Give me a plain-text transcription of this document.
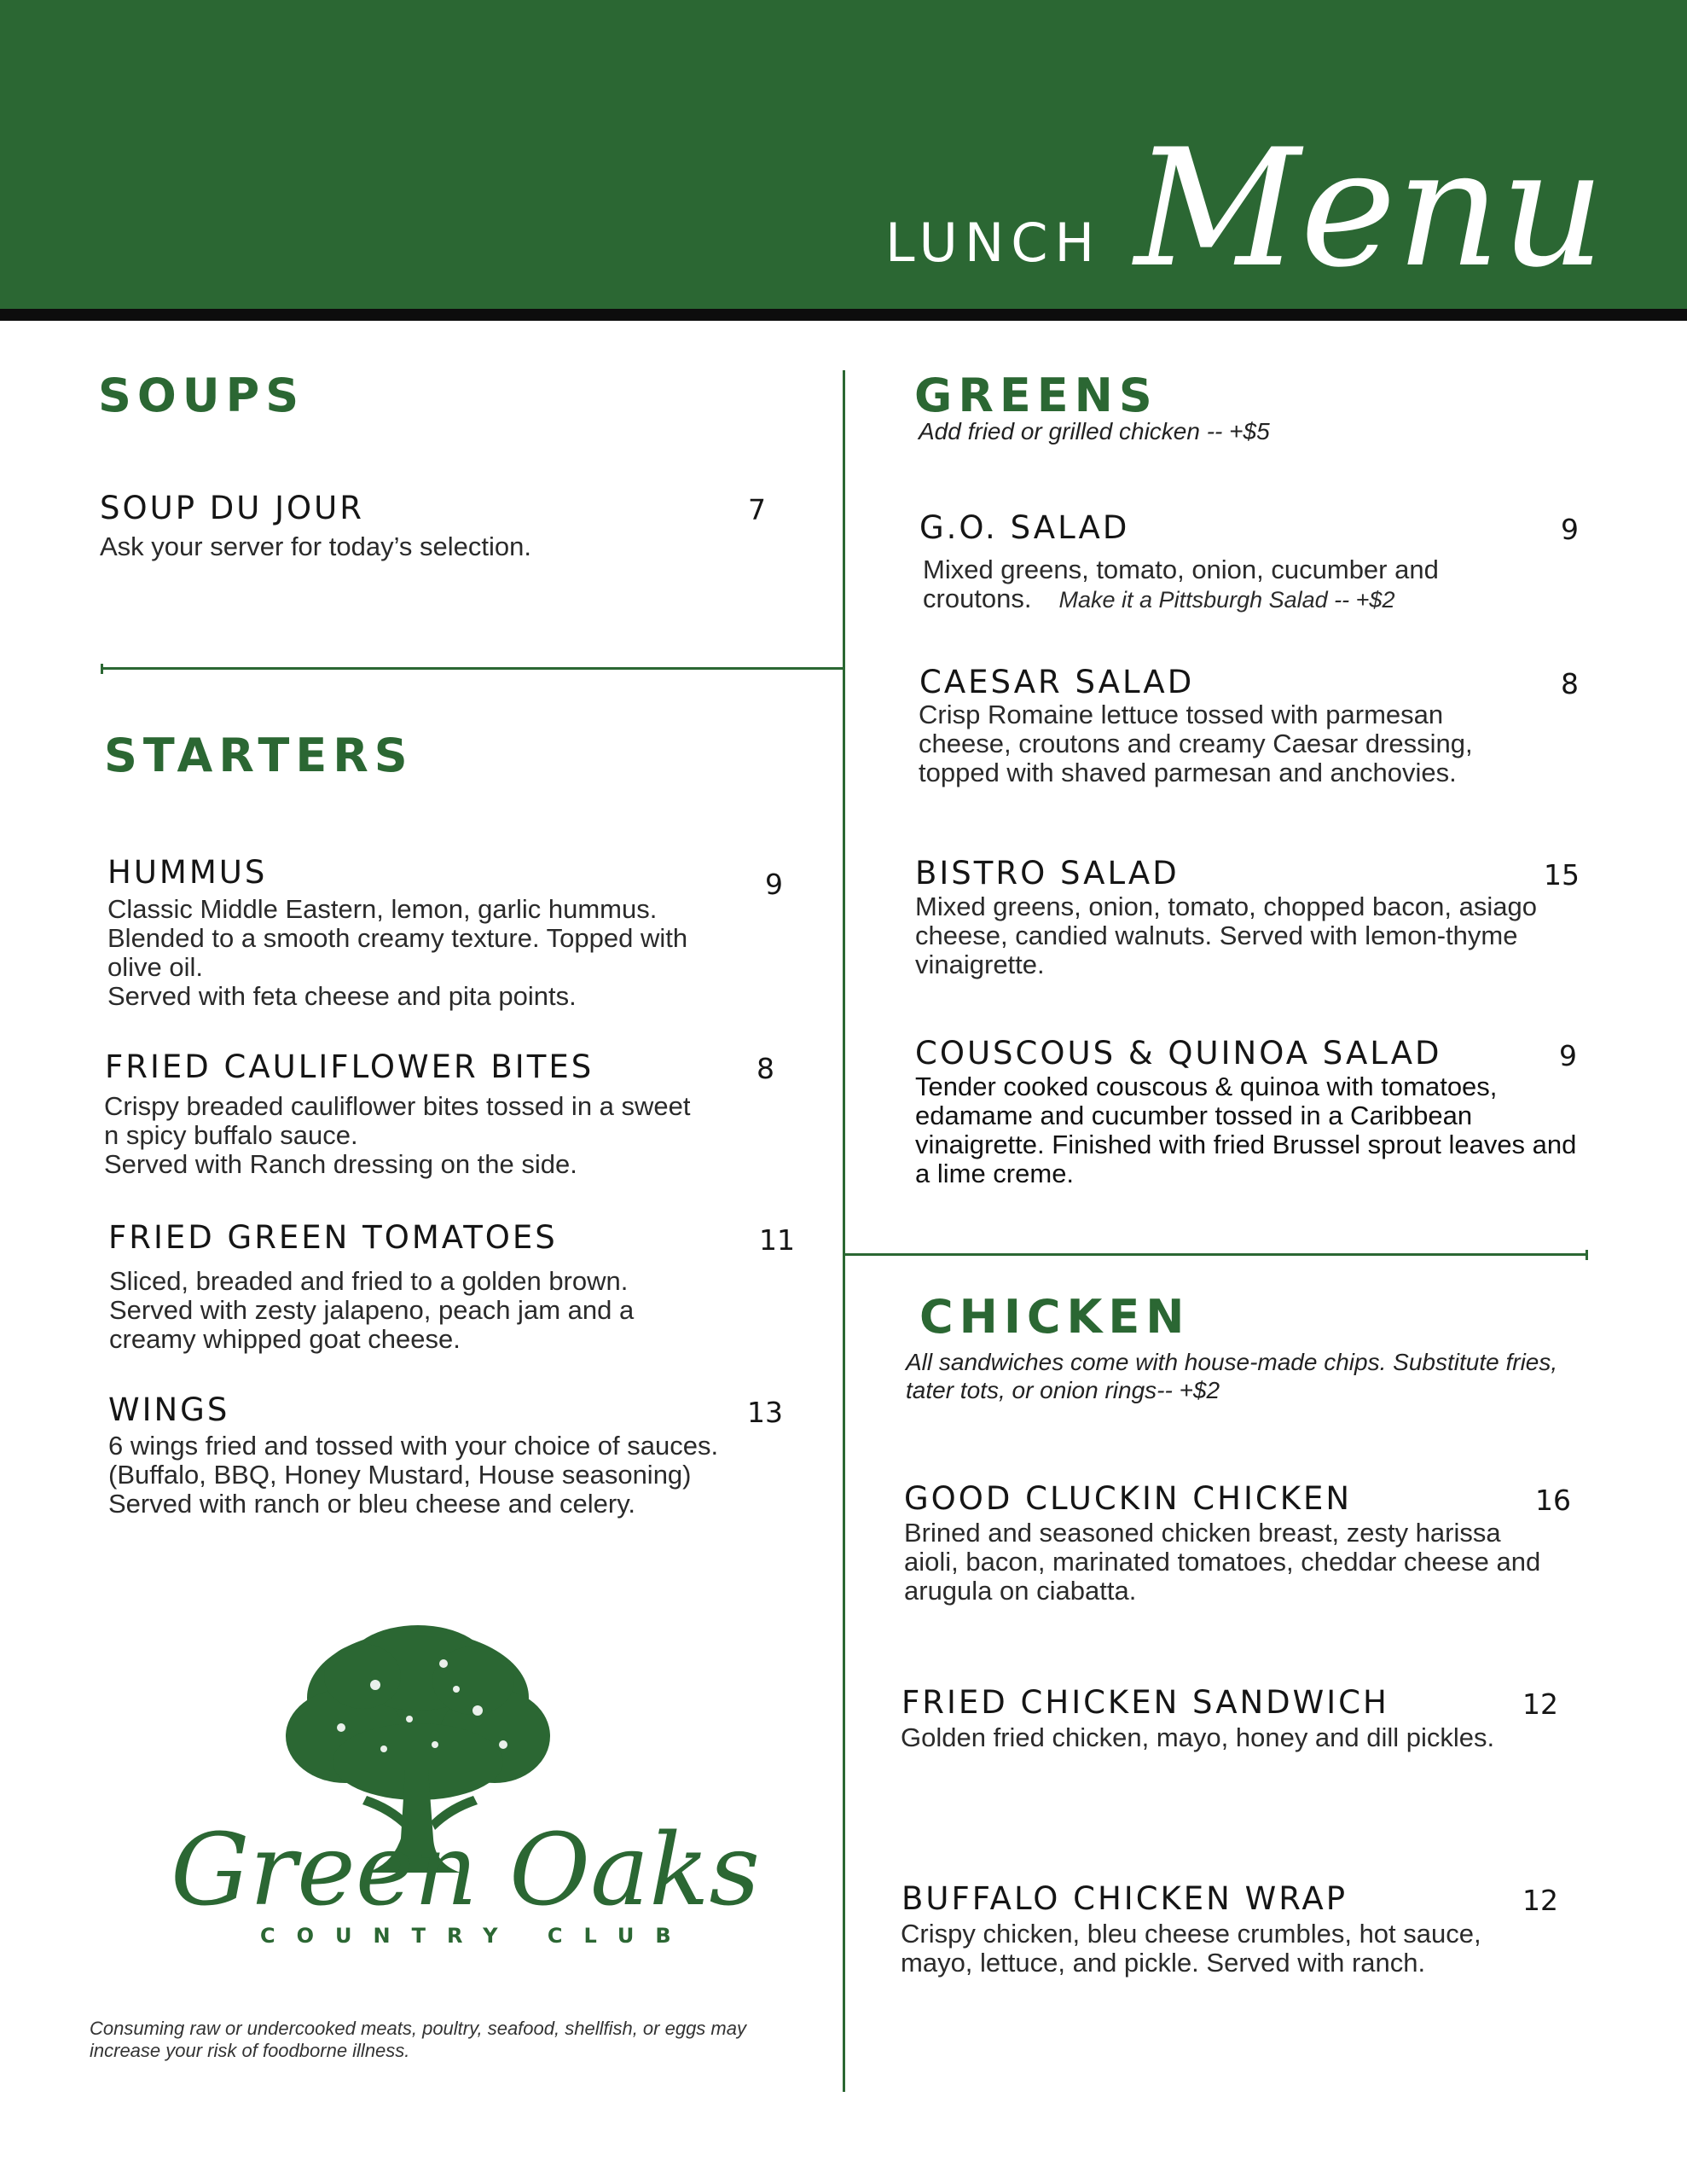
LUNCH Menu
SOUPS
SOUP DU JOUR	7
Ask your server for today’s selection.
STARTERS
HUMMUS	9
Classic Middle Eastern, lemon, garlic hummus. Blended to a smooth creamy texture. Topped with olive oil.
Served with feta cheese and pita points.
FRIED CAULIFLOWER BITES	8
Crispy breaded cauliflower bites tossed in a sweet n spicy buffalo sauce.
Served with Ranch dressing on the side.
FRIED GREEN TOMATOES	11
Sliced, breaded and fried to a golden brown. Served with zesty jalapeno, peach jam and a creamy whipped goat cheese.
WINGS	13
6 wings fried and tossed with your choice of sauces. (Buffalo, BBQ, Honey Mustard, House seasoning)
Served with ranch or bleu cheese and celery.
Green Oaks
COUNTRY CLUB
Consuming raw or undercooked meats, poultry, seafood, shellfish, or eggs may increase your risk of foodborne illness.
GREENS
Add fried or grilled chicken -- +$5
G.O. SALAD	9
Mixed greens, tomato, onion, cucumber and croutons. Make it a Pittsburgh Salad -- +$2
CAESAR SALAD	8
Crisp Romaine lettuce tossed with parmesan cheese, croutons and creamy Caesar dressing, topped with shaved parmesan and anchovies.
BISTRO SALAD	15
Mixed greens, onion, tomato, chopped bacon, asiago cheese, candied walnuts. Served with lemon-thyme vinaigrette.
COUSCOUS & QUINOA SALAD	9
Tender cooked couscous & quinoa with tomatoes, edamame and cucumber tossed in a Caribbean vinaigrette. Finished with fried Brussel sprout leaves and a lime creme.
CHICKEN
All sandwiches come with house-made chips. Substitute fries, tater tots, or onion rings-- +$2
GOOD CLUCKIN CHICKEN	16
Brined and seasoned chicken breast, zesty harissa aioli, bacon, marinated tomatoes, cheddar cheese and arugula on ciabatta.
FRIED CHICKEN SANDWICH	12
Golden fried chicken, mayo, honey and dill pickles.
BUFFALO CHICKEN WRAP	12
Crispy chicken, bleu cheese crumbles, hot sauce, mayo, lettuce, and pickle. Served with ranch.
